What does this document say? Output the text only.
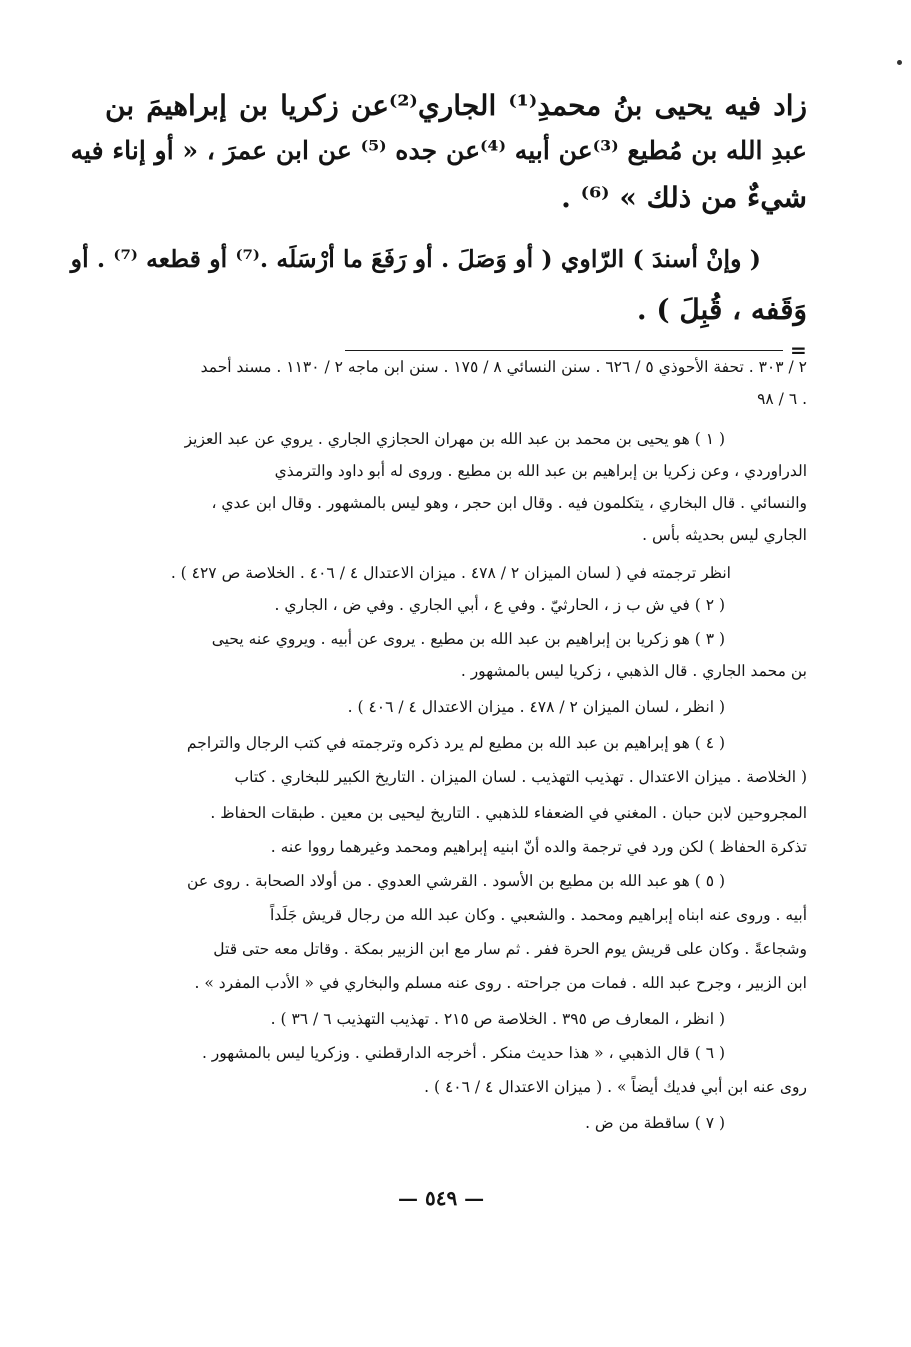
زاد فيه يحيى بنُ محمدِ⁽¹⁾ الجاري⁽²⁾عن زكريا بن إبراهيمَ بن

عبدِ الله بن مُطيع ⁽³⁾عن أبيه ⁽⁴⁾عن جده ⁽⁵⁾ عن ابن عمرَ ، « أو إناء فيه

شيءٌ من ذلك » ⁽⁶⁾ .

( وإنْ أسندَ ) الرّاوي ( أو وَصَلَ . أو رَفَعَ ما أرْسَلَه .⁽⁷⁾ أو قطعه ⁽⁷⁾ . أو

وَقَفه ، قُبِلَ ) .

=

٢ / ٣٠٣ . تحفة الأحوذي ٥ / ٦٢٦ . سنن النسائي ٨ / ١٧٥ . سنن ابن ماجه ٢ / ١١٣٠ . مسند أحمد

٦ / ٩٨ .

( ١ ) هو يحيى بن محمد بن عبد الله بن مهران الحجازي الجاري . يروي عن عبد العزيز

الدراوردي ، وعن زكريا بن إبراهيم بن عبد الله بن مطيع . وروى له أبو داود والترمذي

والنسائي . قال البخاري ، يتكلمون فيه . وقال ابن حجر ، وهو ليس بالمشهور . وقال ابن عدي ،

الجاري ليس بحديثه بأس .

انظر ترجمته في ( لسان الميزان ٢ / ٤٧٨ . ميزان الاعتدال ٤ / ٤٠٦ . الخلاصة ص ٤٢٧ ) .

( ٢ ) في ش ب ز ، الحارثيّ . وفي ع ، أبي الجاري . وفي ض ، الجاري .

( ٣ ) هو زكريا بن إبراهيم بن عبد الله بن مطيع . يروى عن أبيه . ويروي عنه يحيى

بن محمد الجاري . قال الذهبي ، زكريا ليس بالمشهور .

( انظر ، لسان الميزان ٢ / ٤٧٨ . ميزان الاعتدال ٤ / ٤٠٦ ) .

( ٤ ) هو إبراهيم بن عبد الله بن مطيع لم يرد ذكره وترجمته في كتب الرجال والتراجم

( الخلاصة . ميزان الاعتدال . تهذيب التهذيب . لسان الميزان . التاريخ الكبير للبخاري . كتاب

المجروحين لابن حبان . المغني في الضعفاء للذهبي . التاريخ ليحيى بن معين . طبقات الحفاظ .

تذكرة الحفاظ ) لكن ورد في ترجمة والده أنّ ابنيه إبراهيم ومحمد وغيرهما رووا عنه .

( ٥ ) هو عبد الله بن مطيع بن الأسود . القرشي العدوي . من أولاد الصحابة . روى عن

أبيه . وروى عنه ابناه إبراهيم ومحمد . والشعبي . وكان عبد الله من رجال قريش جَلَداً

وشجاعةً . وكان على قريش يوم الحرة ففر . ثم سار مع ابن الزبير بمكة . وقاتل معه حتى قتل

ابن الزبير ، وجرح عبد الله . فمات من جراحته . روى عنه مسلم والبخاري في « الأدب المفرد » .

( انظر ، المعارف ص ٣٩٥ . الخلاصة ص ٢١٥ . تهذيب التهذيب ٦ / ٣٦ ) .

( ٦ ) قال الذهبي ، « هذا حديث منكر . أخرجه الدارقطني . وزكريا ليس بالمشهور .

روى عنه ابن أبي فديك أيضاً » . ( ميزان الاعتدال ٤ / ٤٠٦ ) .

( ٧ ) ساقطة من ض .

— ٥٤٩ —
